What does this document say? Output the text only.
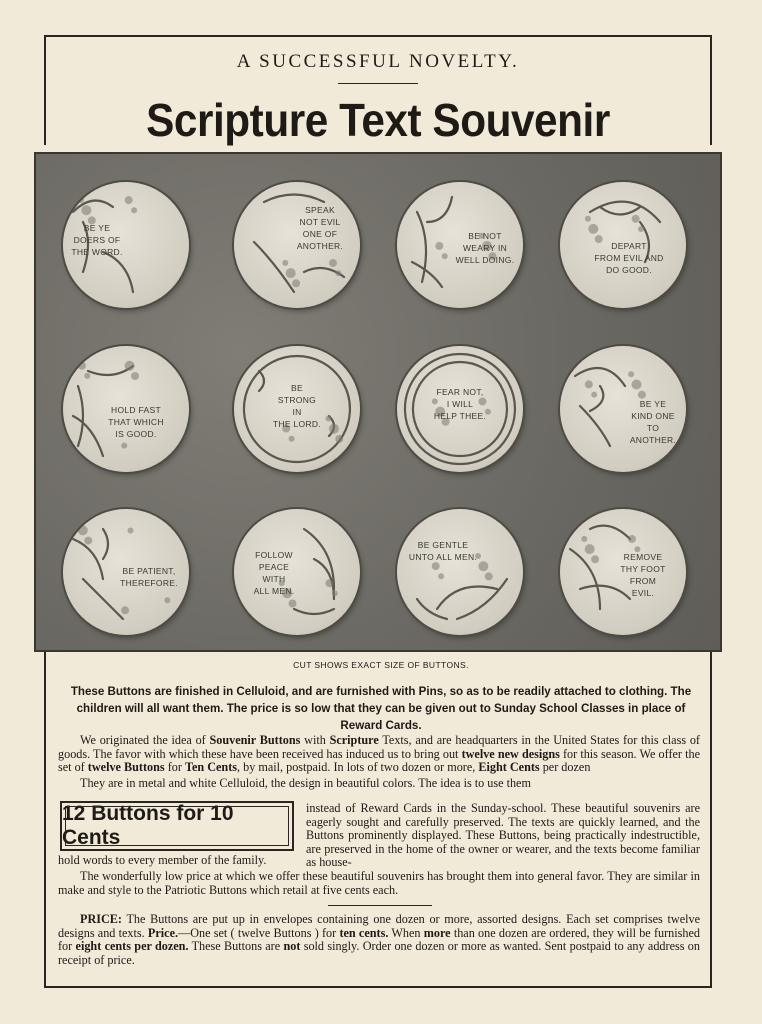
A SUCCESSFUL NOVELTY.
Scripture Text Souvenir
BE YE
DOERS OF
THE WORD.
SPEAK
NOT EVIL
ONE OF
ANOTHER.
BE NOT
WEARY IN
WELL DOING.
DEPART
FROM EVIL AND
DO GOOD.
HOLD FAST
THAT WHICH
IS GOOD.
BE
STRONG
IN
THE LORD.
FEAR NOT,
I WILL
HELP THEE.
BE YE
KIND ONE
TO ANOTHER.
BE PATIENT,
THEREFORE.
FOLLOW
PEACE
WITH
ALL MEN.
BE GENTLE
UNTO ALL MEN.	REMOVE
THY FOOT
FROM
EVIL.
CUT SHOWS EXACT SIZE OF BUTTONS.
These Buttons are finished in Celluloid, and are furnished with Pins, so as to be readily attached to clothing. The children will all want them. The price is so low that they can be given out to Sunday School Classes in place of Reward Cards.
We originated the idea of Souvenir Buttons with Scripture Texts, and are headquarters in the United States for this class of goods. The favor with which these have been received has induced us to bring out twelve new designs for this season. We offer the set of twelve Buttons for Ten Cents, by mail, postpaid. In lots of two dozen or more, Eight Cents per dozen
They are in metal and white Celluloid, the design in beautiful colors. The idea is to use them
12 Buttons for 10 Cents
instead of Reward Cards in the Sunday-school. These beautiful souvenirs are eagerly sought and carefully preserved. The texts are quickly learned, and the Buttons prominently displayed. These Buttons, being practically indestructible, are preserved in the home of the owner or wearer, and the texts become familiar as house-
hold words to every member of the family.
The wonderfully low price at which we offer these beautiful souvenirs has brought them into general favor. They are similar in make and style to the Patriotic Buttons which retail at five cents each.
PRICE: The Buttons are put up in envelopes containing one dozen or more, assorted designs. Each set comprises twelve designs and texts. Price.—One set ( twelve Buttons ) for ten cents. When more than one dozen are ordered, they will be furnished for eight cents per dozen. These Buttons are not sold singly. Order one dozen or more as wanted. Sent postpaid to any address on receipt of price.
